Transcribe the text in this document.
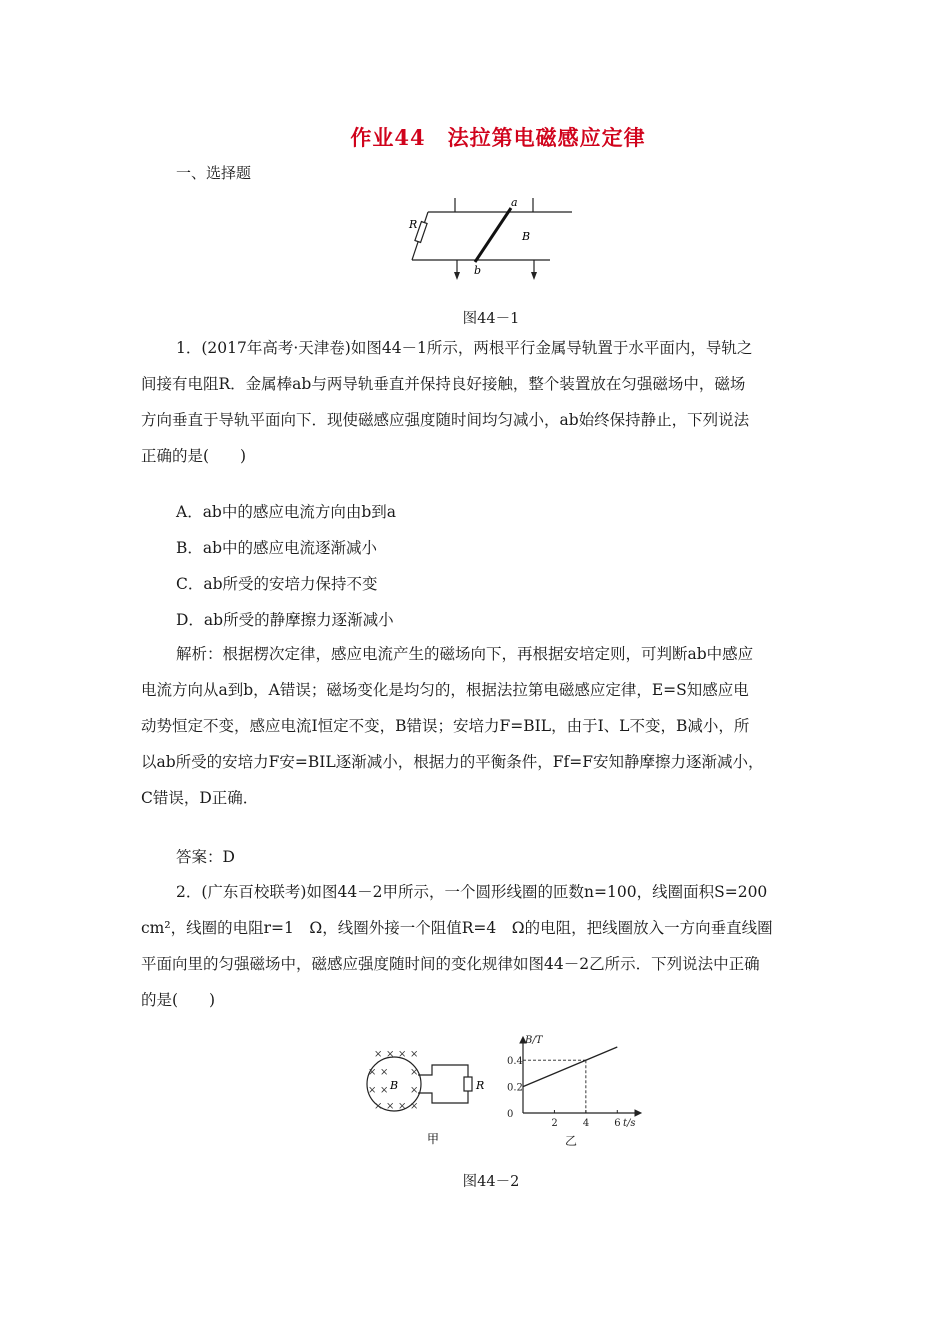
作业44　法拉第电磁感应定律
一、选择题
a
b
R
B
图44－1
1．(2017年高考·天津卷)如图44－1所示，两根平行金属导轨置于水平面内，导轨之
间接有电阻R．金属棒ab与两导轨垂直并保持良好接触，整个装置放在匀强磁场中，磁场
方向垂直于导轨平面向下．现使磁感应强度随时间均匀减小，ab始终保持静止，下列说法
正确的是(　　)
A．ab中的感应电流方向由b到a
B．ab中的感应电流逐渐减小
C．ab所受的安培力保持不变
D．ab所受的静摩擦力逐渐减小
解析：根据楞次定律，感应电流产生的磁场向下，再根据安培定则，可判断ab中感应
电流方向从a到b，A错误；磁场变化是均匀的，根据法拉第电磁感应定律，E=S知感应电
动势恒定不变，感应电流I恒定不变，B错误；安培力F=BIL，由于I、L不变，B减小，所
以ab所受的安培力F安=BIL逐渐减小，根据力的平衡条件，Ff=F安知静摩擦力逐渐减小，
C错误，D正确．
答案：D
2．(广东百校联考)如图44－2甲所示，一个圆形线圈的匝数n=100，线圈面积S=200
cm²，线圈的电阻r=1　Ω，线圈外接一个阻值R=4　Ω的电阻，把线圈放入一方向垂直线圈
平面向里的匀强磁场中，磁感应强度随时间的变化规律如图44－2乙所示．下列说法中正确
的是(　　)
× × × ×
× × ×
× × ×
× × × ×
B	R
甲
t/s
B/T
2	4	6
0.4
0.2
0
乙
图44－2
